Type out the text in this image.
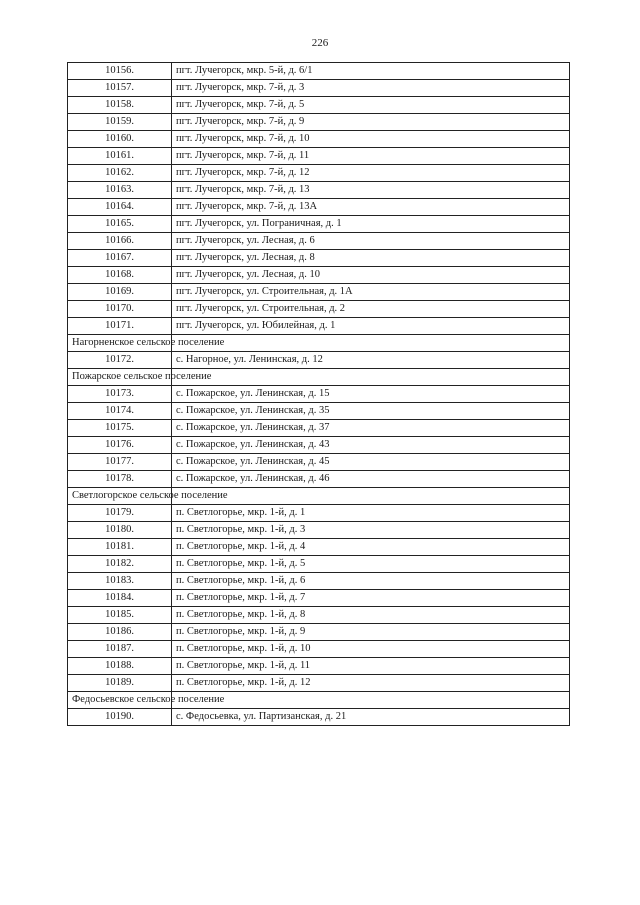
226
10156.	пгт. Лучегорск, мкр. 5-й, д. 6/1
10157.	пгт. Лучегорск, мкр. 7-й, д. 3
10158.	пгт. Лучегорск, мкр. 7-й, д. 5
10159.	пгт. Лучегорск, мкр. 7-й, д. 9
10160.	пгт. Лучегорск, мкр. 7-й, д. 10
10161.	пгт. Лучегорск, мкр. 7-й, д. 11
10162.	пгт. Лучегорск, мкр. 7-й, д. 12
10163.	пгт. Лучегорск, мкр. 7-й, д. 13
10164.	пгт. Лучегорск, мкр. 7-й, д. 13А
10165.	пгт. Лучегорск, ул. Пограничная, д. 1
10166.	пгт. Лучегорск, ул. Лесная, д. 6
10167.	пгт. Лучегорск, ул. Лесная, д. 8
10168.	пгт. Лучегорск, ул. Лесная, д. 10
10169.	пгт. Лучегорск, ул. Строительная, д. 1А
10170.	пгт. Лучегорск, ул. Строительная, д. 2
10171.	пгт. Лучегорск, ул. Юбилейная, д. 1
Нагорненское сельское поселение	
10172.	с. Нагорное, ул. Ленинская, д. 12
Пожарское сельское поселение	
10173.	с. Пожарское, ул. Ленинская, д. 15
10174.	с. Пожарское, ул. Ленинская, д. 35
10175.	с. Пожарское, ул. Ленинская, д. 37
10176.	с. Пожарское, ул. Ленинская, д. 43
10177.	с. Пожарское, ул. Ленинская, д. 45
10178.	с. Пожарское, ул. Ленинская, д. 46
Светлогорское сельское поселение	
10179.	п. Светлогорье, мкр. 1-й, д. 1
10180.	п. Светлогорье, мкр. 1-й, д. 3
10181.	п. Светлогорье, мкр. 1-й, д. 4
10182.	п. Светлогорье, мкр. 1-й, д. 5
10183.	п. Светлогорье, мкр. 1-й, д. 6
10184.	п. Светлогорье, мкр. 1-й, д. 7
10185.	п. Светлогорье, мкр. 1-й, д. 8
10186.	п. Светлогорье, мкр. 1-й, д. 9
10187.	п. Светлогорье, мкр. 1-й, д. 10
10188.	п. Светлогорье, мкр. 1-й, д. 11
10189.	п. Светлогорье, мкр. 1-й, д. 12
Федосьевское сельское поселение	
10190.	с. Федосьевка, ул. Партизанская, д. 21
